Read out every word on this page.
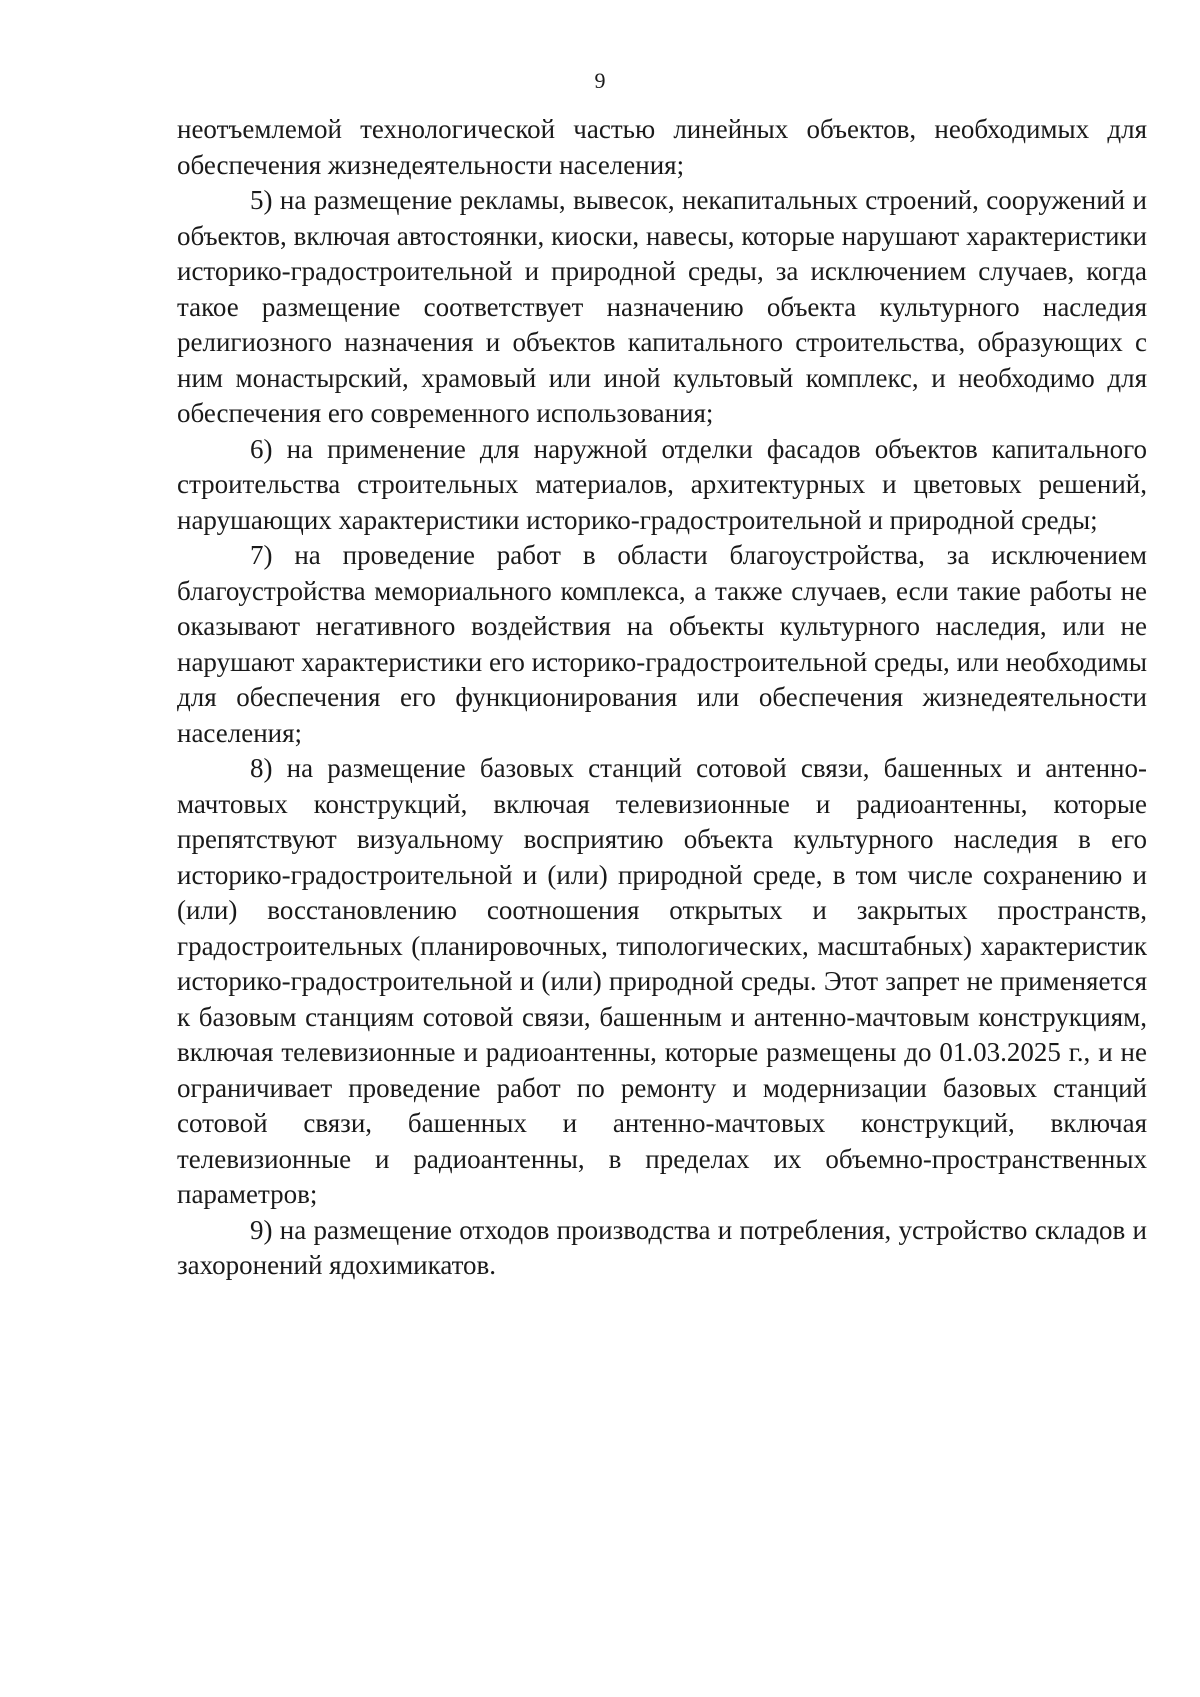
9

неотъемлемой технологической частью линейных объектов, необходимых для обеспечения жизнедеятельности населения;

5) на размещение рекламы, вывесок, некапитальных строений, сооружений и объектов, включая автостоянки, киоски, навесы, которые нарушают характеристики историко-градостроительной и природной среды, за исключением случаев, когда такое размещение соответствует назначению объекта культурного наследия религиозного назначения и объектов капитального строительства, образующих с ним монастырский, храмовый или иной культовый комплекс, и необходимо для обеспечения его современного использования;

6) на применение для наружной отделки фасадов объектов капитального строительства строительных материалов, архитектурных и цветовых решений, нарушающих характеристики историко-градостроительной и природной среды;

7) на проведение работ в области благоустройства, за исключением благоустройства мемориального комплекса, а также случаев, если такие работы не оказывают негативного воздействия на объекты культурного наследия, или не нарушают характеристики его историко-градостроительной среды, или необходимы для обеспечения его функционирования или обеспечения жизнедеятельности населения;

8) на размещение базовых станций сотовой связи, башенных и антенно-мачтовых конструкций, включая телевизионные и радиоантенны, которые препятствуют визуальному восприятию объекта культурного наследия в его историко-градостроительной и (или) природной среде, в том числе сохранению и (или) восстановлению соотношения открытых и закрытых пространств, градостроительных (планировочных, типологических, масштабных) характеристик историко-градостроительной и (или) природной среды. Этот запрет не применяется к базовым станциям сотовой связи, башенным и антенно-мачтовым конструкциям, включая телевизионные и радиоантенны, которые размещены до 01.03.2025 г., и не ограничивает проведение работ по ремонту и модернизации базовых станций сотовой связи, башенных и антенно-мачтовых конструкций, включая телевизионные и радиоантенны, в пределах их объемно-пространственных параметров;

9) на размещение отходов производства и потребления, устройство складов и захоронений ядохимикатов.
